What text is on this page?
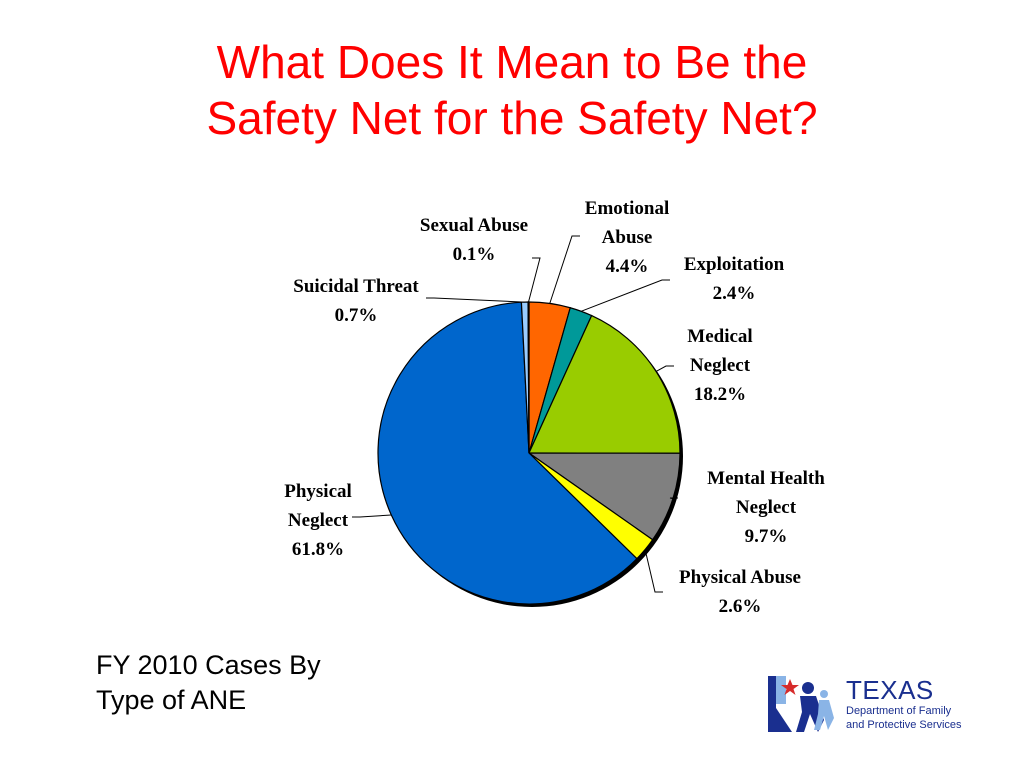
What Does It Mean to Be the
Safety Net for the Safety Net?
Emotional
Abuse
4.4% Exploitation
2.4%
Medical
Neglect
18.2%
Mental Health
Neglect
9.7%
Physical Abuse
2.6%
Physical
Neglect
61.8%
Suicidal Threat
0.7%
Sexual Abuse
0.1%
FY 2010 Cases By
Type of ANE	TEXAS
Department of Family
and Protective Services
